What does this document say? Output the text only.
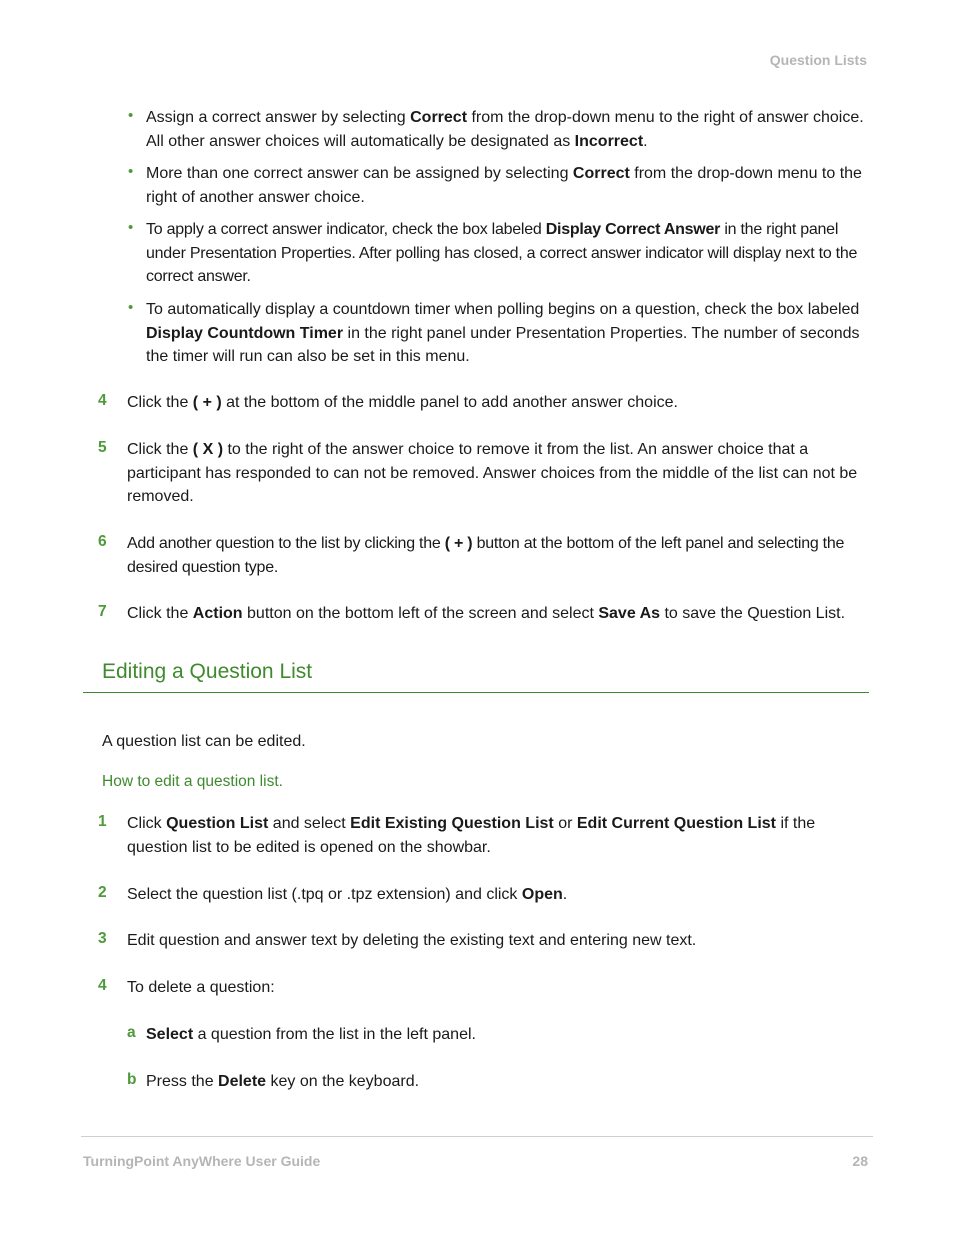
Question Lists
• Assign a correct answer by selecting Correct from the drop-down menu to the right of answer choice. All other answer choices will automatically be designated as Incorrect.
• More than one correct answer can be assigned by selecting Correct from the drop-down menu to the right of another answer choice.
• To apply a correct answer indicator, check the box labeled Display Correct Answer in the right panel under Presentation Properties. After polling has closed, a correct answer indicator will display next to the correct answer.
• To automatically display a countdown timer when polling begins on a question, check the box labeled Display Countdown Timer in the right panel under Presentation Properties. The number of seconds the timer will run can also be set in this menu.
4 Click the ( + ) at the bottom of the middle panel to add another answer choice.
5 Click the ( X ) to the right of the answer choice to remove it from the list. An answer choice that a participant has responded to can not be removed. Answer choices from the middle of the list can not be removed.
6 Add another question to the list by clicking the ( + ) button at the bottom of the left panel and selecting the desired question type.
7 Click the Action button on the bottom left of the screen and select Save As to save the Question List.
Editing a Question List
A question list can be edited.
How to edit a question list.
1 Click Question List and select Edit Existing Question List or Edit Current Question List if the question list to be edited is opened on the showbar.
2 Select the question list (.tpq or .tpz extension) and click Open.
3 Edit question and answer text by deleting the existing text and entering new text.
4 To delete a question:
a Select a question from the list in the left panel.
b Press the Delete key on the keyboard.
TurningPoint AnyWhere User Guide	28
